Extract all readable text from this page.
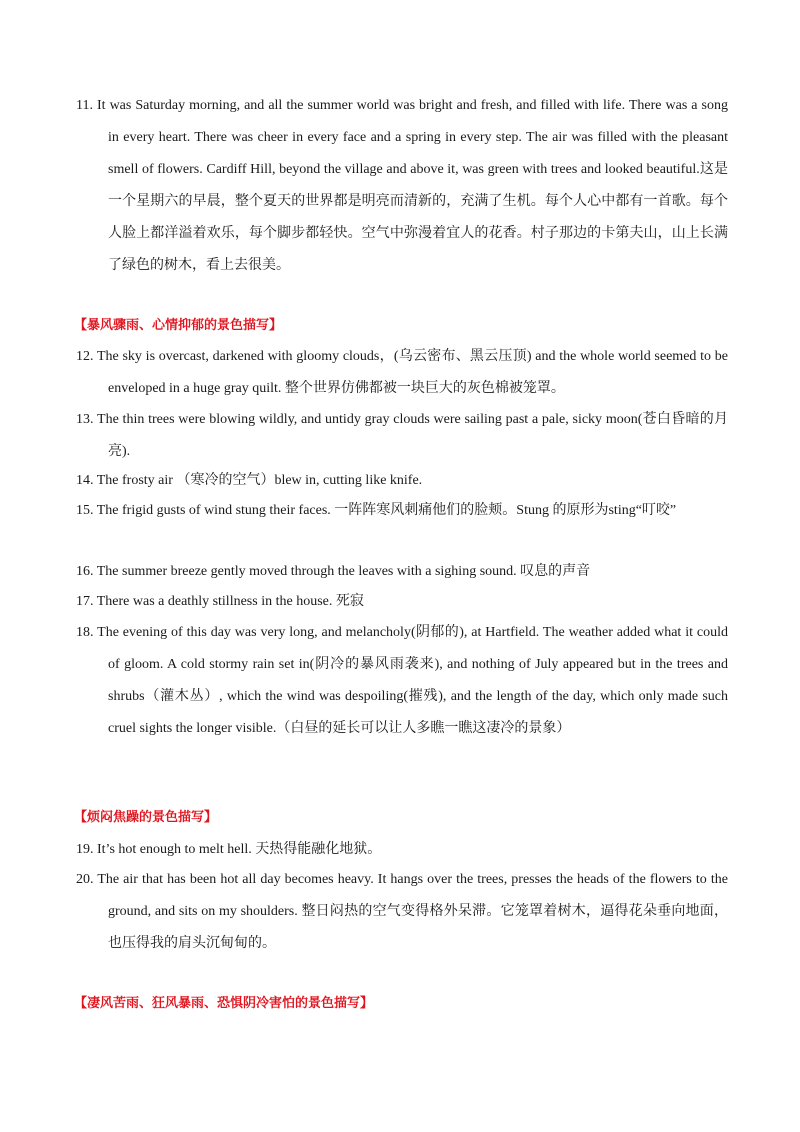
11. It was Saturday morning, and all the summer world was bright and fresh, and filled with life. There was a song in every heart. There was cheer in every face and a spring in every step. The air was filled with the pleasant smell of flowers. Cardiff Hill, beyond the village and above it, was green with trees and looked beautiful.这是一个星期六的早晨，整个夏天的世界都是明亮而清新的，充满了生机。每个人心中都有一首歌。每个人脸上都洋溢着欢乐，每个脚步都轻快。空气中弥漫着宜人的花香。村子那边的卡第夫山，山上长满了绿色的树木，看上去很美。
【暴风骤雨、心情抑郁的景色描写】
12. The sky is overcast, darkened with gloomy clouds，(乌云密布、黑云压顶) and the whole world seemed to be enveloped in a huge gray quilt. 整个世界仿佛都被一块巨大的灰色棉被笼罩。
13. The thin trees were blowing wildly, and untidy gray clouds were sailing past a pale, sicky moon(苍白昏暗的月亮).
14. The frosty air （寒冷的空气）blew in, cutting like knife.
15. The frigid gusts of wind stung their faces. 一阵阵寒风刺痛他们的脸颊。Stung 的原形为sting“叮咬”
16. The summer breeze gently moved through the leaves with a sighing sound. 叹息的声音
17. There was a deathly stillness in the house. 死寂
18. The evening of this day was very long, and melancholy(阴郁的), at Hartfield. The weather added what it could of gloom. A cold stormy rain set in(阴冷的暴风雨袭来), and nothing of July appeared but in the trees and shrubs（灌木丛）, which the wind was despoiling(摧残), and the length of the day, which only made such cruel sights the longer visible.（白昼的延长可以让人多瞧一瞧这凄冷的景象）
【烦闷焦躁的景色描写】
19. It’s hot enough to melt hell. 天热得能融化地狱。
20. The air that has been hot all day becomes heavy. It hangs over the trees, presses the heads of the flowers to the ground, and sits on my shoulders. 整日闷热的空气变得格外呆滞。它笼罩着树木，逼得花朵垂向地面，也压得我的肩头沉甸甸的。
【凄风苦雨、狂风暴雨、恐惧阴冷害怕的景色描写】
